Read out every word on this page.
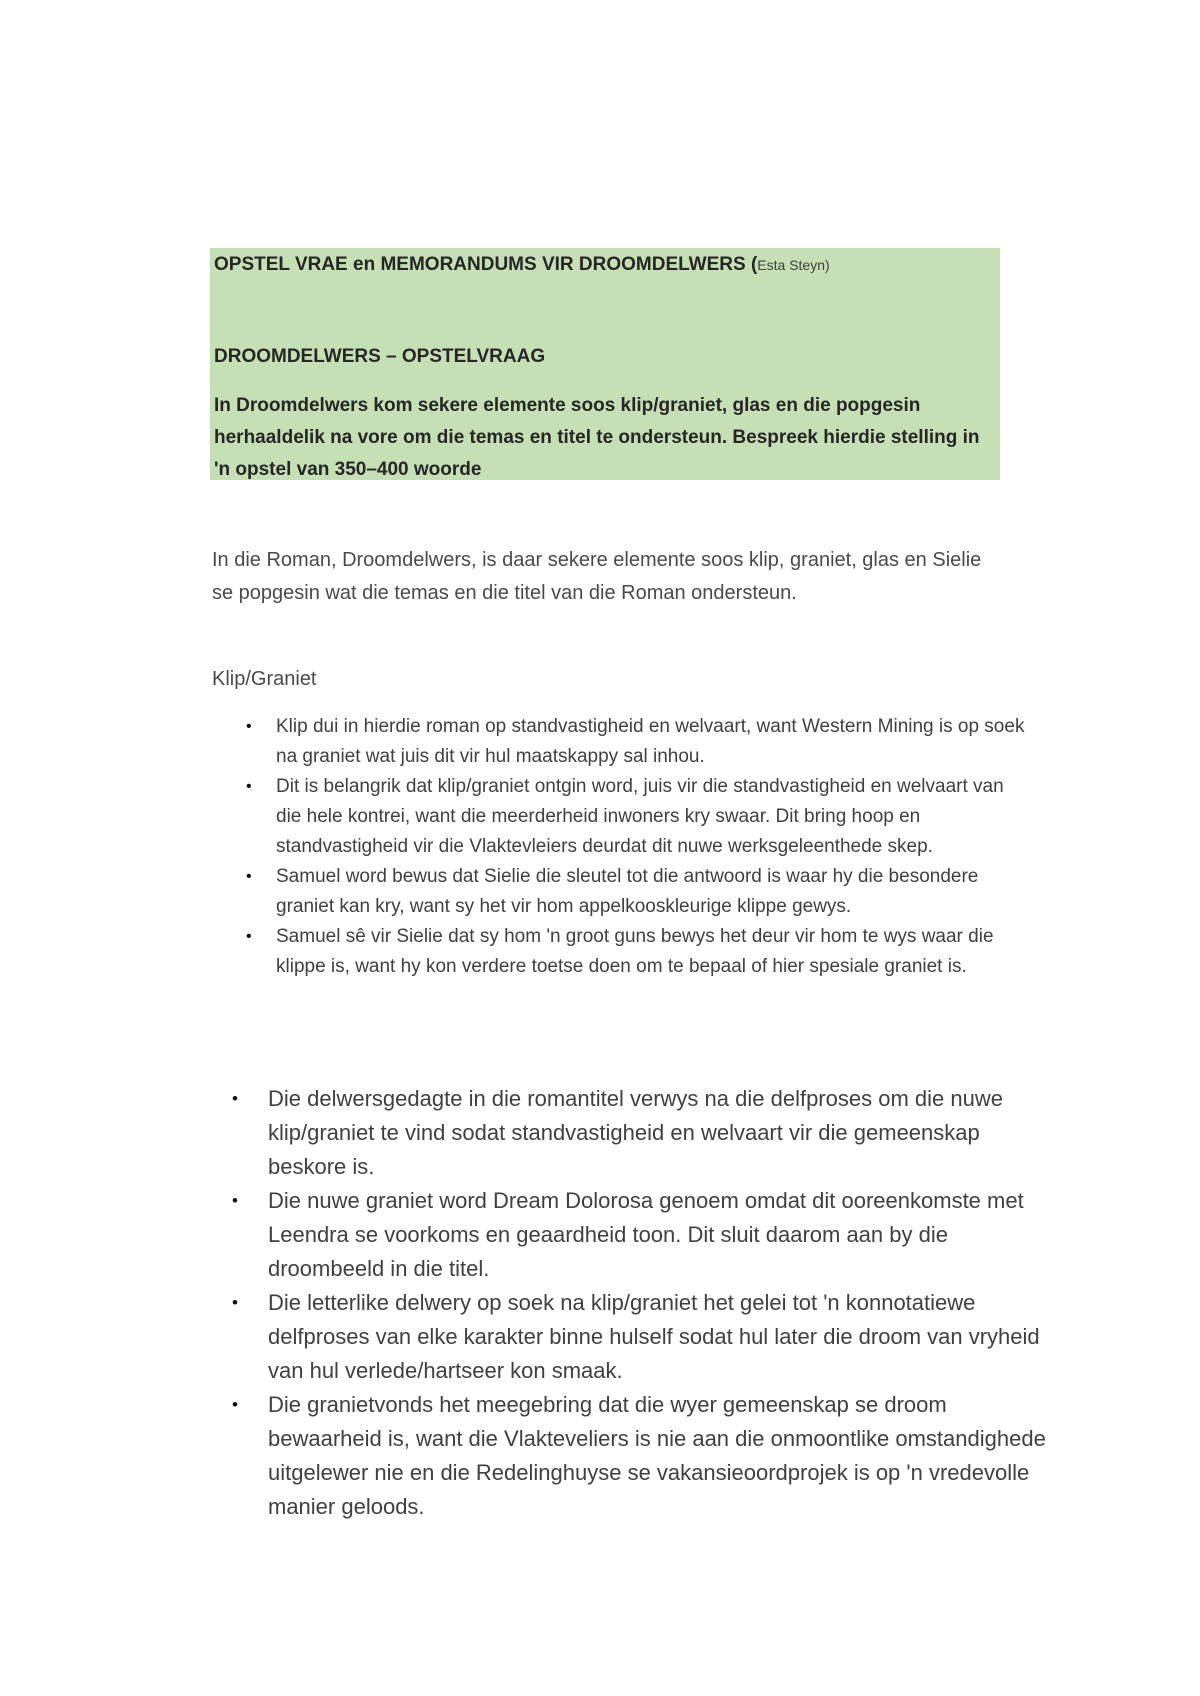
OPSTEL VRAE en MEMORANDUMS VIR DROOMDELWERS (Esta Steyn)
DROOMDELWERS – OPSTELVRAAG
In Droomdelwers kom sekere elemente soos klip/graniet, glas en die popgesin herhaaldelik na vore om die temas en titel te ondersteun. Bespreek hierdie stelling in 'n opstel van 350–400 woorde
In die Roman, Droomdelwers, is daar sekere elemente soos klip, graniet, glas en Sielie se popgesin wat die temas en die titel van die Roman ondersteun.
Klip/Graniet
• Klip dui in hierdie roman op standvastigheid en welvaart, want Western Mining is op soek na graniet wat juis dit vir hul maatskappy sal inhou.
• Dit is belangrik dat klip/graniet ontgin word, juis vir die standvastigheid en welvaart van die hele kontrei, want die meerderheid inwoners kry swaar. Dit bring hoop en standvastigheid vir die Vlaktevleiers deurdat dit nuwe werksgeleenthede skep.
• Samuel word bewus dat Sielie die sleutel tot die antwoord is waar hy die besondere graniet kan kry, want sy het vir hom appelkooskleurige klippe gewys.
• Samuel sê vir Sielie dat sy hom 'n groot guns bewys het deur vir hom te wys waar die klippe is, want hy kon verdere toetse doen om te bepaal of hier spesiale graniet is.
• Die delwersgedagte in die romantitel verwys na die delfproses om die nuwe klip/graniet te vind sodat standvastigheid en welvaart vir die gemeenskap beskore is.
• Die nuwe graniet word Dream Dolorosa genoem omdat dit ooreenkomste met Leendra se voorkoms en geaardheid toon. Dit sluit daarom aan by die droombeeld in die titel.
• Die letterlike delwery op soek na klip/graniet het gelei tot 'n konnotatiewe delfproses van elke karakter binne hulself sodat hul later die droom van vryheid van hul verlede/hartseer kon smaak.
• Die granietvonds het meegebring dat die wyer gemeenskap se droom bewaarheid is, want die Vlakteveliers is nie aan die onmoontlike omstandighede uitgelewer nie en die Redelinghuyse se vakansieoordprojek is op 'n vredevolle manier geloods.
